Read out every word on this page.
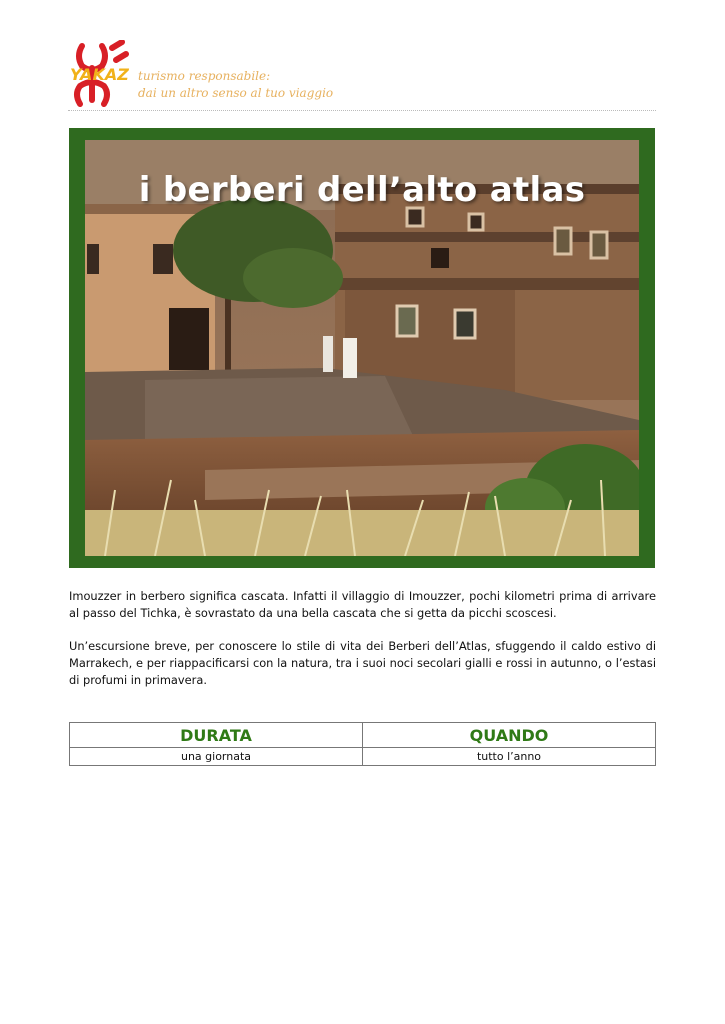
YAKAZ turismo responsabile:
dai un altro senso al tuo viaggio
i berberi dell’alto atlas

Imouzzer in berbero significa cascata. Infatti il villaggio di Imouzzer, pochi kilometri prima di arrivare al passo del Tichka, è sovrastato da una bella cascata che si getta da picchi scoscesi.

Un’escursione breve, per conoscere lo stile di vita dei Berberi dell’Atlas, sfuggendo il caldo estivo di Marrakech, e per riappacificarsi con la natura, tra i suoi noci secolari gialli e rossi in autunno, o l’estasi di profumi in primavera.

DURATA	QUANDO
una giornata	tutto l’anno
